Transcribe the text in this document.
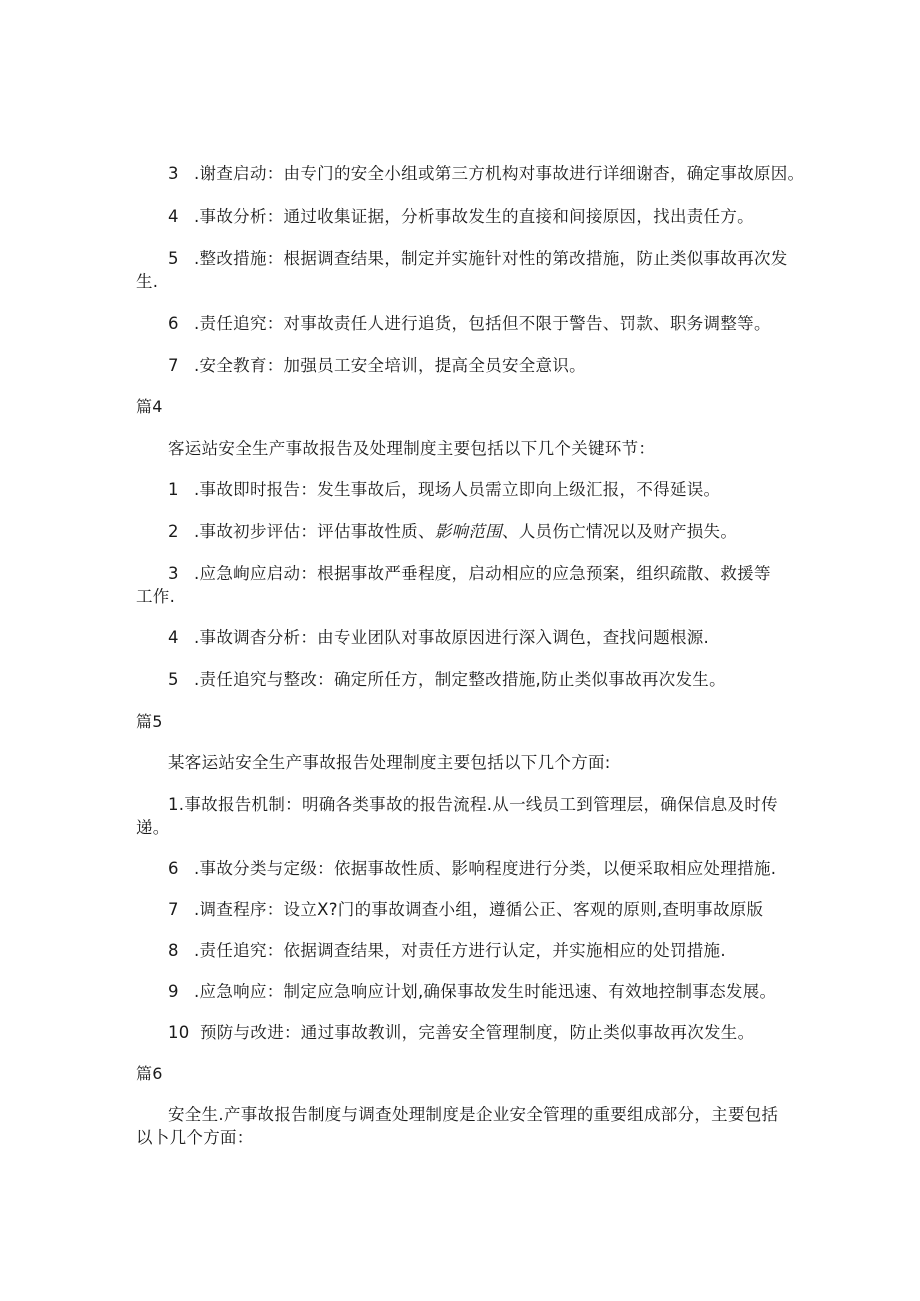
3 .谢查启动：由专门的安全小组或第三方机构对事故进行详细谢杳，确定事故原因。
4 .事故分析：通过收集证据，分析事故发生的直接和间接原因，找出责任方。
5 .整改措施：根据调查结果，制定并实施针对性的第改措施，防止类似事故再次发
生.
6 .责任追究：对事故责任人进行追货，包括但不限于警告、罚款、职务调整等。
7 .安全教育：加强员工安全培训，提高全员安全意识。
篇4
客运站安全生产事故报告及处理制度主要包括以下几个关键环节：
1 .事故即时报告：发生事故后，现场人员需立即向上级汇报，不得延误。
2 .事故初步评估：评估事故性质、影响范围、人员伤亡情况以及财产损失。
3 .应急峋应启动：根据事故严垂程度，启动相应的应急预案，组织疏散、救援等
工作.
4 .事故调杳分析：由专业团队对事故原因进行深入调色，查找问题根源.
5 .责任追究与整改：确定所任方，制定整改措施,防止类似事故再次发生。
篇5
某客运站安全生产事故报告处理制度主要包括以下几个方面:
1.事故报告机制：明确各类事故的报告流程.从一线员工到管理层，确保信息及时传
递。
6 .事故分类与定级：依据事故性质、影响程度进行分类，以便采取相应处理措施.
7 .调查程序：设立X?门的事故调查小组，遵循公正、客观的原则,查明事故原版
8 .责任追究：依据调查结果，对责任方进行认定，并实施相应的处罚措施.
9 .应急响应：制定应急响应计划,确保事故发生时能迅速、有效地控制事态发展。
10 预防与改进：通过事故教训，完善安全管理制度，防止类似事故再次发生。
篇6
安全生.产事故报告制度与调查处理制度是企业安全管理的重要组成部分，主要包括
以卜几个方面：
